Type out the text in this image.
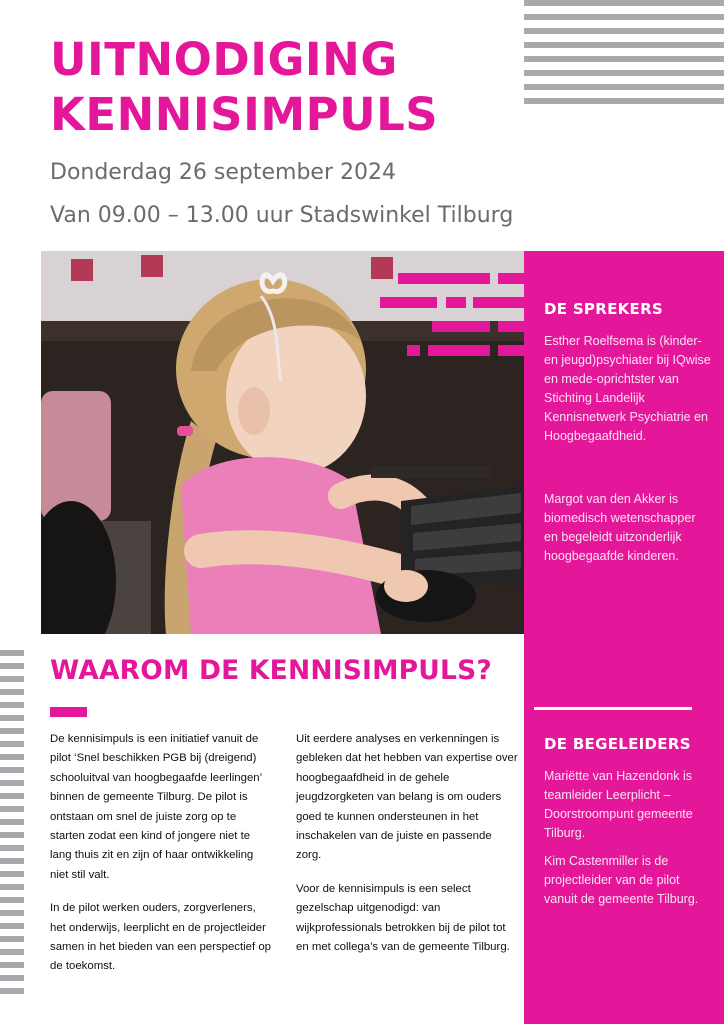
UITNODIGING
KENNISIMPULS

Donderdag 26 september 2024

Van 09.00 – 13.00 uur Stadswinkel Tilburg

DE SPREKERS

Esther Roelfsema is (kinder- en jeugd)psychiater bij IQwise en mede-oprichtster van Stichting Landelijk Kennisnetwerk Psychiatrie en Hoogbegaafdheid.

Margot van den Akker is biomedisch wetenschapper en begeleidt uitzonderlijk hoogbegaafde kinderen.

DE BEGELEIDERS

Mariëtte van Hazendonk is teamleider Leerplicht – Doorstroompunt gemeente Tilburg.

Kim Castenmiller is de projectleider van de pilot vanuit de gemeente Tilburg.

WAAROM DE KENNISIMPULS?

De kennisimpuls is een initiatief vanuit de pilot ‘Snel beschikken PGB bij (dreigend) schooluitval van hoogbegaafde leerlingen’ binnen de gemeente Tilburg. De pilot is ontstaan om snel de juiste zorg op te starten zodat een kind of jongere niet te lang thuis zit en zijn of haar ontwikkeling niet stil valt.

In de pilot werken ouders, zorgverleners, het onderwijs, leerplicht en de projectleider samen in het bieden van een perspectief op de toekomst.

Uit eerdere analyses en verkenningen is gebleken dat het hebben van expertise over hoogbegaafdheid in de gehele jeugdzorgketen van belang is om ouders goed te kunnen ondersteunen in het inschakelen van de juiste en passende zorg.

Voor de kennisimpuls is een select gezelschap uitgenodigd: van wijkprofessionals betrokken bij de pilot tot en met collega’s van de gemeente Tilburg.
